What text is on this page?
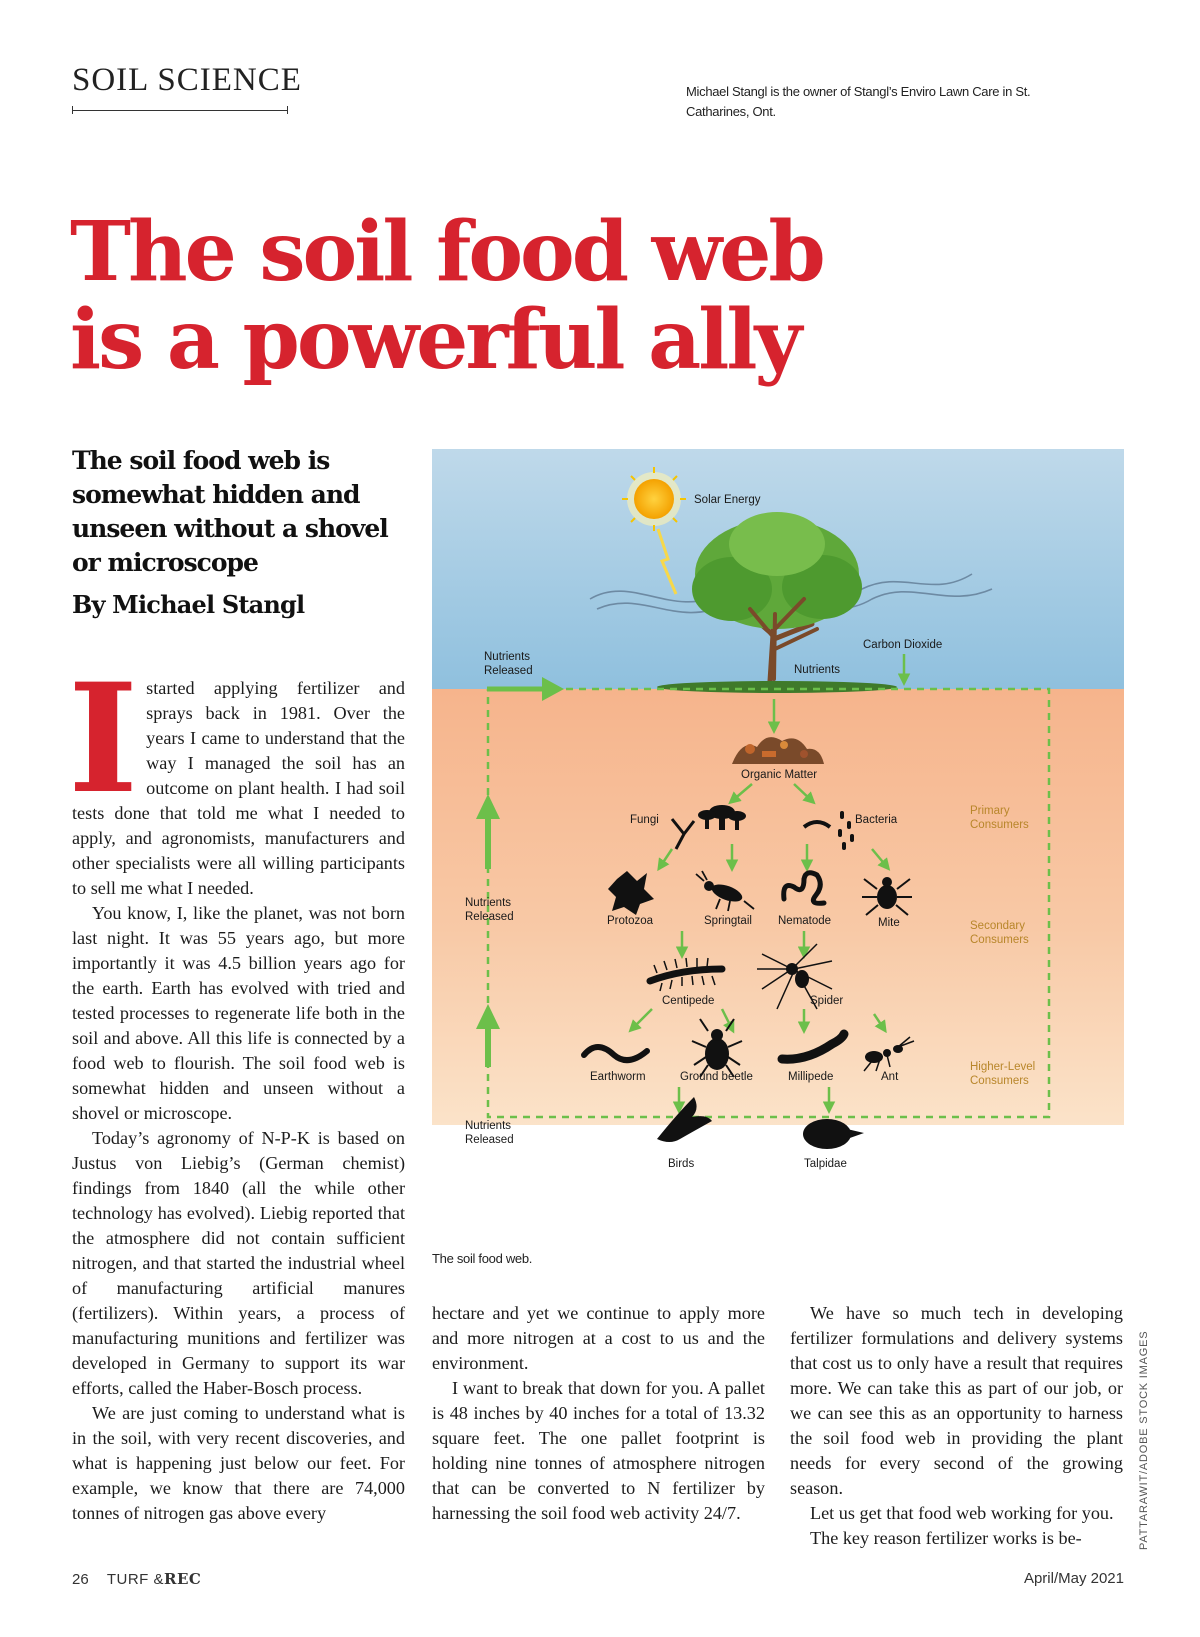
SOIL SCIENCE	Michael Stangl is the owner of Stangl’s Enviro Lawn Care in St. Catharines, Ont.
The soil food web
is a powerful ally
The soil food web is somewhat hidden and unseen without a shovel or microscope
By Michael Stangl

Istarted applying fertilizer and sprays back in 1981. Over the years I came to understand that the way I managed the soil has an outcome on plant health. I had soil tests done that told me what I needed to apply, and agronomists, manufacturers and other specialists were all willing participants to sell me what I needed.

You know, I, like the planet, was not born last night. It was 55 years ago, but more importantly it was 4.5 billion years ago for the earth. Earth has evolved with tried and tested processes to regenerate life both in the soil and above. All this life is connected by a food web to flourish. The soil food web is somewhat hidden and unseen without a shovel or microscope.

Today’s agronomy of N-P-K is based on Justus von Liebig’s (German chemist) findings from 1840 (all the while other technology has evolved). Liebig reported that the atmosphere did not contain sufficient nitrogen, and that started the industrial wheel of manufacturing artificial manures (fertilizers). Within years, a process of manufacturing munitions and fertilizer was developed in Germany to support its war efforts, called the Haber-Bosch process.

We are just coming to understand what is in the soil, with very recent discoveries, and what is happening just below our feet. For example, we know that there are 74,000 tonnes of nitrogen gas above every

Solar Energy
Nutrients
Carbon Dioxide
Nutrients
Released
Nutrients
Released
Nutrients
Released
Organic Matter
Fungi	Bacteria
Primary
Consumers
Protozoa	Springtail Nematode	Mite	Secondary
Consumers
Centipede	Spider
Earthworm	Ground beetle	Millipede	Ant
Higher-Level
Consumers
Birds	Talpidae
The soil food web.
PATTARAWIT/ADOBE STOCK IMAGES

hectare and yet we continue to apply more and more nitrogen at a cost to us and the environment.

I want to break that down for you. A pallet is 48 inches by 40 inches for a total of 13.32 square feet. The one pallet footprint is holding nine tonnes of atmosphere nitrogen that can be converted to N fertilizer by harnessing the soil food web activity 24/7.

We have so much tech in developing fertilizer formulations and delivery systems that cost us to only have a result that requires more. We can take this as part of our job, or we can see this as an opportunity to harness the soil food web in providing the plant needs for every second of the growing season.

Let us get that food web working for you.

The key reason fertilizer works is be-

26 TURF &REC	April/May 2021
